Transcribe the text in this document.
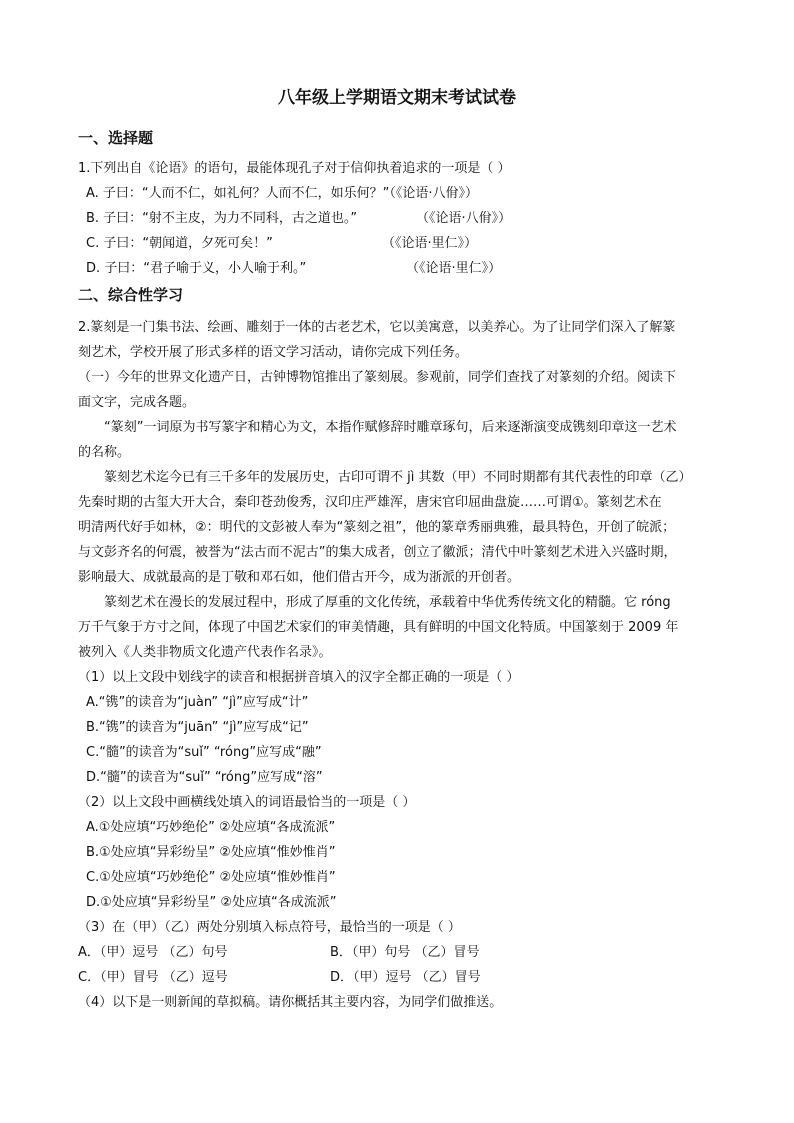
八年级上学期语文期末考试试卷
一、选择题
1.下列出自《论语》的语句，最能体现孔子对于信仰执着追求的一项是（ ）
A. 子曰：“人而不仁，如礼何？人而不仁，如乐何？”（《论语·八佾》）
B. 子曰：“射不主皮，为力不同科，古之道也。”	（《论语·八佾》）
C. 子曰：“朝闻道，夕死可矣！”	（《论语·里仁》）
D. 子曰：“君子喻于义，小人喻于利。”	（《论语·里仁》）
二、综合性学习
2.篆刻是一门集书法、绘画、雕刻于一体的古老艺术，它以美寓意，以美养心。为了让同学们深入了解篆
刻艺术，学校开展了形式多样的语文学习活动，请你完成下列任务。
（一）今年的世界文化遗产日，古钟博物馆推出了篆刻展。参观前，同学们查找了对篆刻的介绍。阅读下
面文字，完成各题。
“篆刻”一词原为书写篆字和精心为文，本指作赋修辞时雕章琢句，后来逐渐演变成镌刻印章这一艺术
的名称。
篆刻艺术迄今已有三千多年的发展历史，古印可谓不 jì 其数（甲）不同时期都有其代表性的印章（乙）
先秦时期的古玺大开大合，秦印苍劲俊秀，汉印庄严雄浑，唐宋官印屈曲盘旋……可谓①。篆刻艺术在
明清两代好手如林，②：明代的文彭被人奉为“篆刻之祖”，他的篆章秀丽典雅，最具特色，开创了皖派；
与文彭齐名的何震，被誉为“法古而不泥古”的集大成者，创立了徽派；清代中叶篆刻艺术进入兴盛时期，
影响最大、成就最高的是丁敬和邓石如，他们借古开今，成为浙派的开创者。
篆刻艺术在漫长的发展过程中，形成了厚重的文化传统，承载着中华优秀传统文化的精髓。它 róng
万千气象于方寸之间，体现了中国艺术家们的审美情趣，具有鲜明的中国文化特质。中国篆刻于 2009 年
被列入《人类非物质文化遗产代表作名录》。
（1）以上文段中划线字的读音和根据拼音填入的汉字全都正确的一项是（ ）
A.“镌”的读音为“juàn” “jì”应写成“计”
B.“镌”的读音为“juān” “jì”应写成“记”
C.“髓”的读音为“suǐ” “róng”应写成“融”
D.“髓”的读音为“suǐ” “róng”应写成“溶”
（2）以上文段中画横线处填入的词语最恰当的一项是（ ）
A.①处应填“巧妙绝伦” ②处应填“各成流派”
B.①处应填“异彩纷呈” ②处应填“惟妙惟肖”
C.①处应填“巧妙绝伦” ②处应填“惟妙惟肖”
D.①处应填“异彩纷呈” ②处应填“各成流派”
（3）在（甲）（乙）两处分别填入标点符号，最恰当的一项是（ ）
A．（甲）逗号 （乙）句号	B．（甲）句号 （乙）冒号
C．（甲）冒号 （乙）逗号	D．（甲）逗号 （乙）冒号
（4）以下是一则新闻的草拟稿。请你概括其主要内容，为同学们做推送。
